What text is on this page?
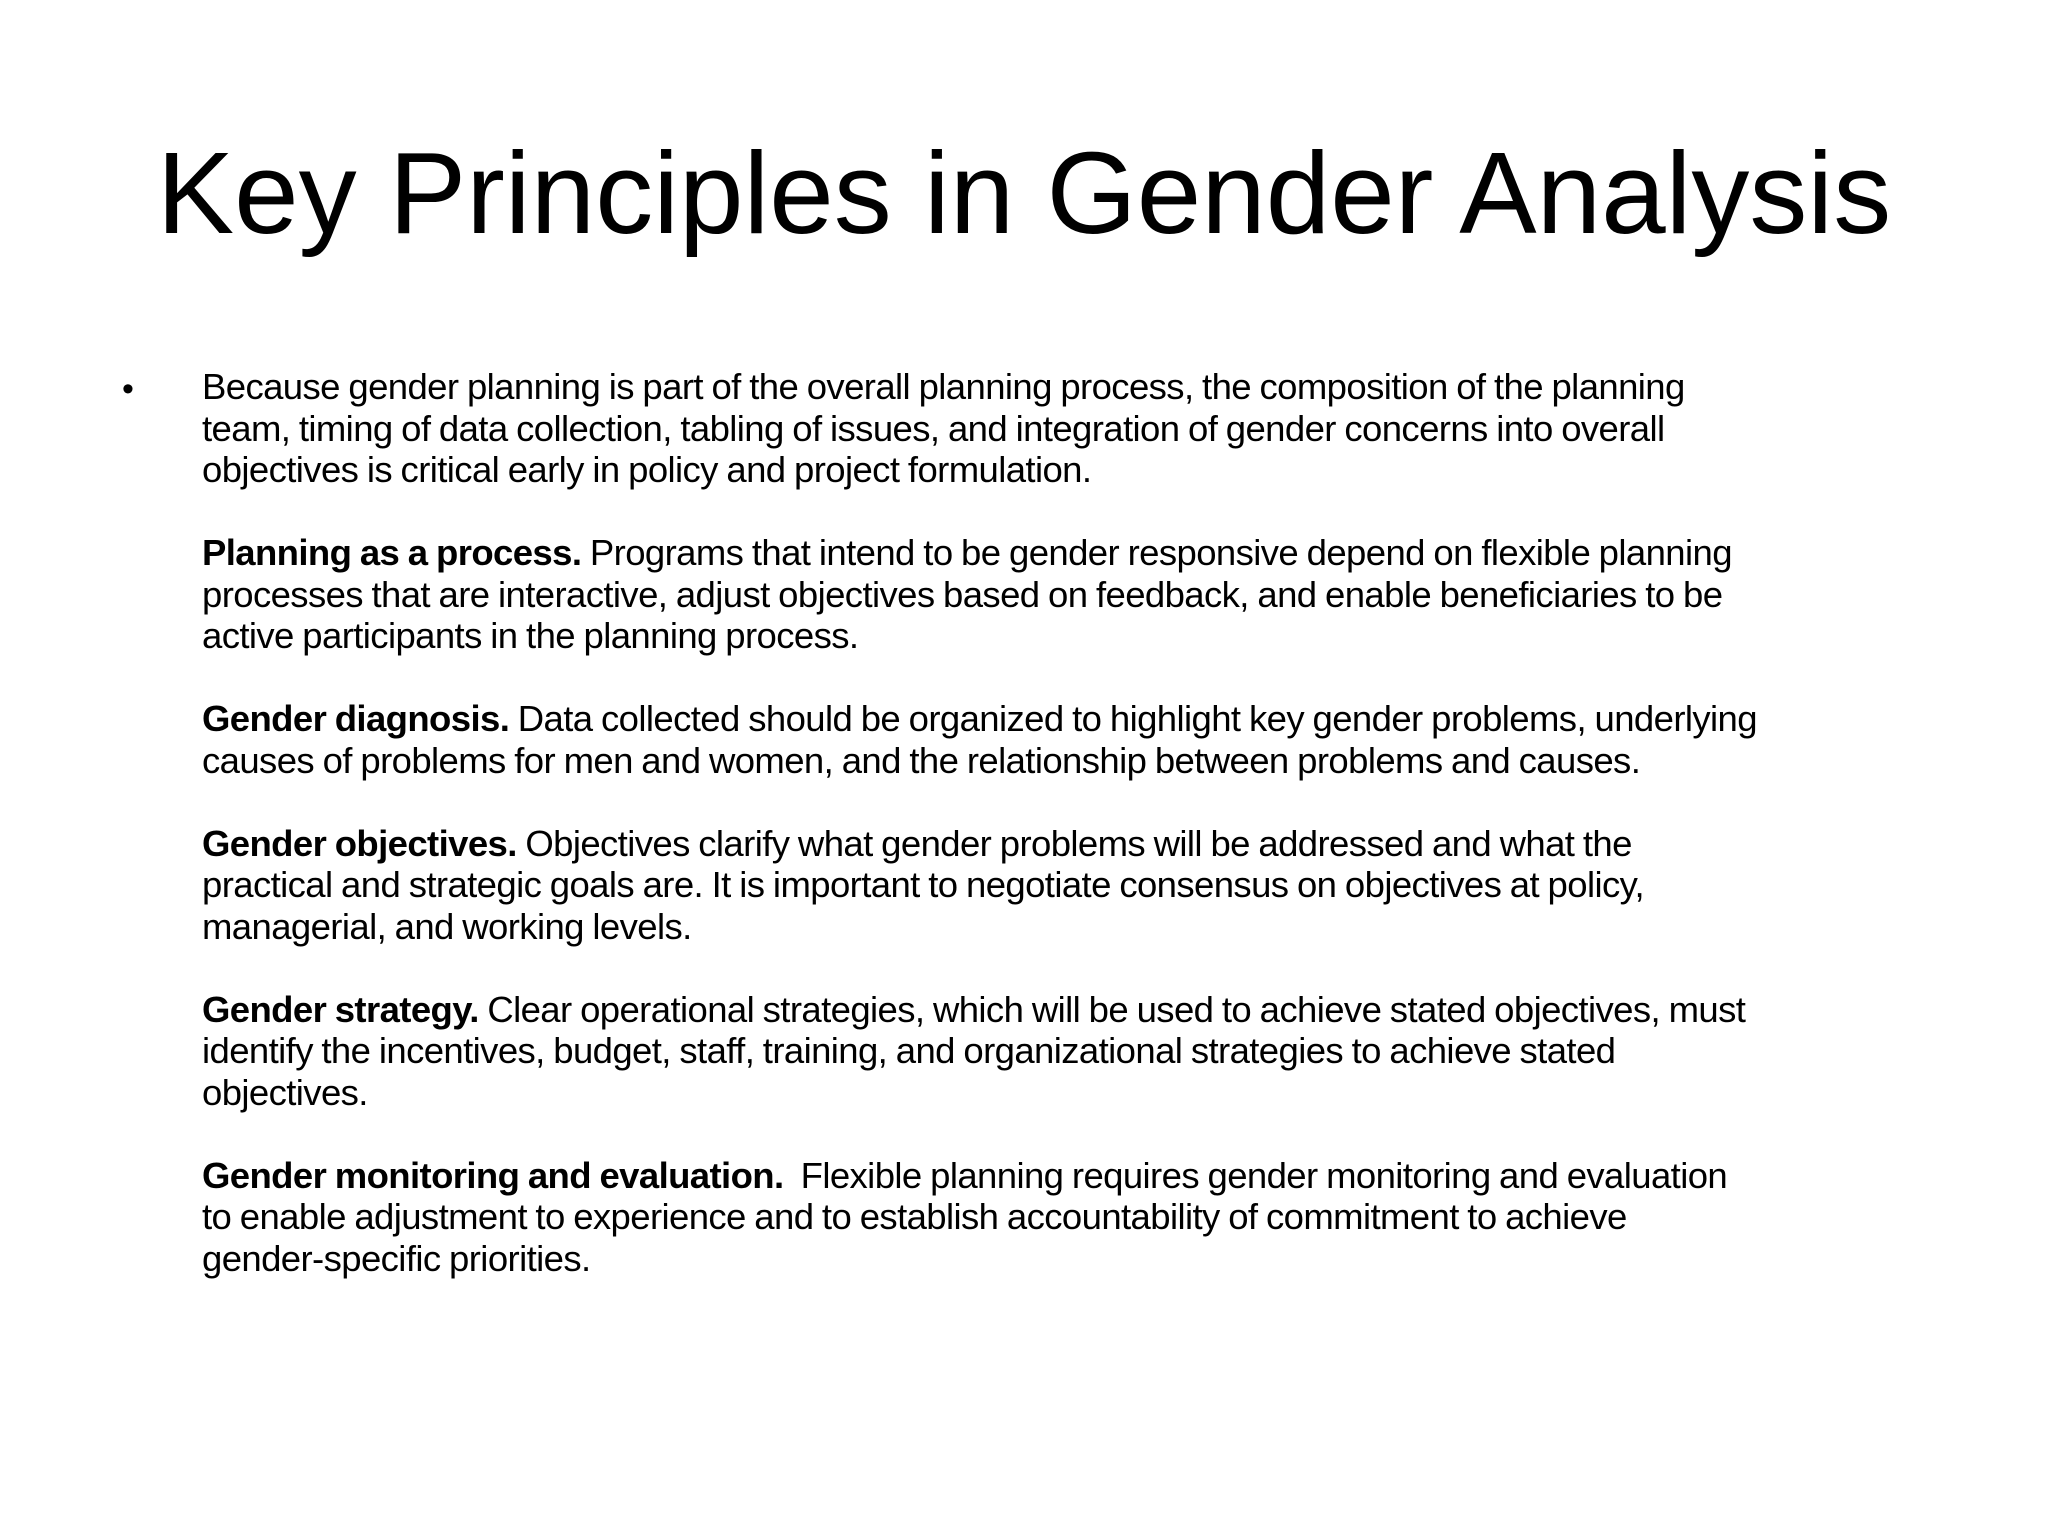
Key Principles in Gender Analysis
• Because gender planning is part of the overall planning process, the composition of the planning
team, timing of data collection, tabling of issues, and integration of gender concerns into overall
objectives is critical early in policy and project formulation.

Planning as a process. Programs that intend to be gender responsive depend on flexible planning
processes that are interactive, adjust objectives based on feedback, and enable beneficiaries to be
active participants in the planning process.

Gender diagnosis. Data collected should be organized to highlight key gender problems, underlying
causes of problems for men and women, and the relationship between problems and causes.

Gender objectives. Objectives clarify what gender problems will be addressed and what the
practical and strategic goals are. It is important to negotiate consensus on objectives at policy,
managerial, and working levels.

Gender strategy. Clear operational strategies, which will be used to achieve stated objectives, must
identify the incentives, budget, staff, training, and organizational strategies to achieve stated
objectives.

Gender monitoring and evaluation.  Flexible planning requires gender monitoring and evaluation
to enable adjustment to experience and to establish accountability of commitment to achieve
gender-specific priorities.
